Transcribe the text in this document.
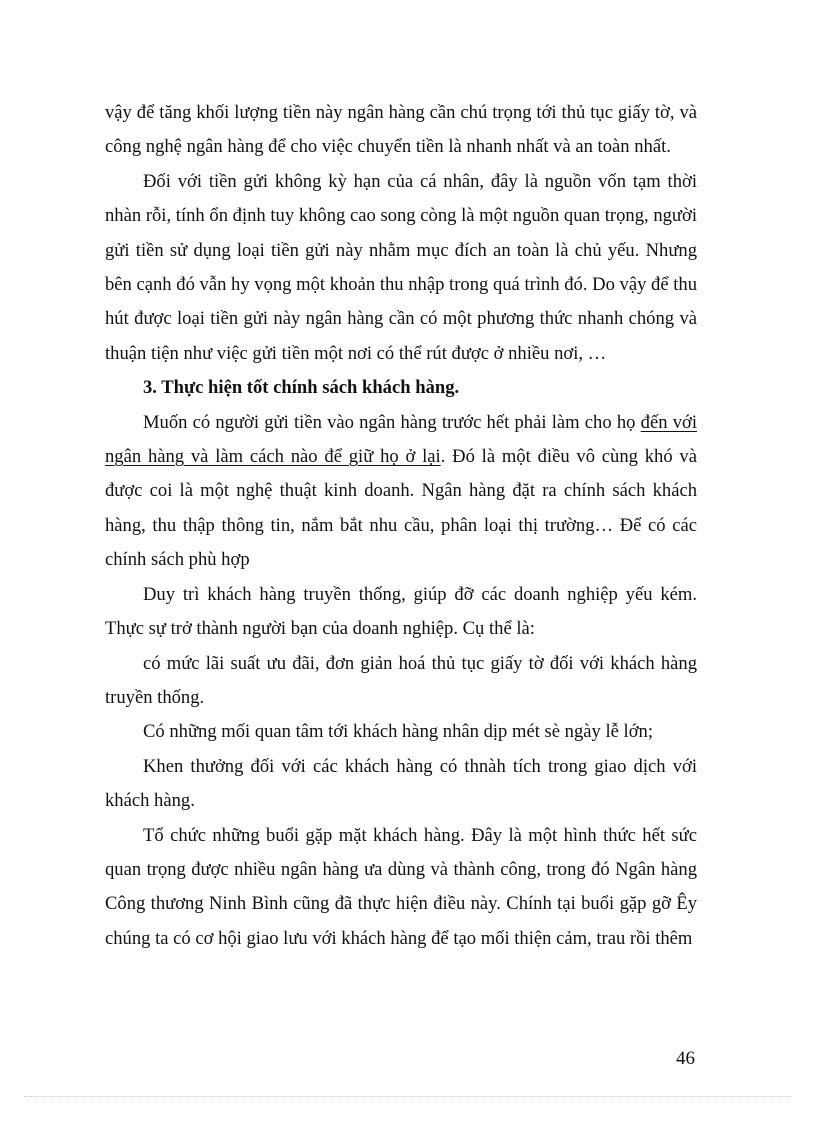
vậy để tăng khối lượng tiền này ngân hàng cần chú trọng tới thủ tục giấy tờ, và công nghệ ngân hàng để cho việc chuyển tiền là nhanh nhất và an toàn nhất.

Đối với tiền gửi không kỳ hạn của cá nhân, đây là nguồn vốn tạm thời nhàn rỗi, tính ổn định tuy không cao song còng là một nguồn quan trọng, người gửi tiền sử dụng loại tiền gửi này nhằm mục đích an toàn là chủ yếu. Nhưng bên cạnh đó vẫn hy vọng một khoản thu nhập trong quá trình đó. Do vậy để thu hút được loại tiền gửi này ngân hàng cần có một phương thức nhanh chóng và thuận tiện như việc gửi tiền một nơi có thể rút được ở nhiều nơi, …

3. Thực hiện tốt chính sách khách hàng.

Muốn có người gửi tiền vào ngân hàng trước hết phải làm cho họ đến với ngân hàng và làm cách nào để giữ họ ở lại. Đó là một điều vô cùng khó và được coi là một nghệ thuật kinh doanh. Ngân hàng đặt ra chính sách khách hàng, thu thập thông tin, nắm bắt nhu cầu, phân loại thị trường… Để có các chính sách phù hợp

Duy trì khách hàng truyền thống, giúp đỡ các doanh nghiệp yếu kém. Thực sự trở thành người bạn của doanh nghiệp. Cụ thể là:

có mức lãi suất ưu đãi, đơn giản hoá thủ tục giấy tờ đối với khách hàng truyền thống.

Có những mối quan tâm tới khách hàng nhân dịp mét sè ngày lễ lớn;

Khen thưởng đối với các khách hàng có thnàh tích trong giao dịch với khách hàng.

Tổ chức những buổi gặp mặt khách hàng. Đây là một hình thức hết sức quan trọng được nhiều ngân hàng ưa dùng và thành công, trong đó Ngân hàng Công thương Ninh Bình cũng đã thực hiện điều này. Chính tại buổi gặp gỡ Êy chúng ta có cơ hội giao lưu với khách hàng để tạo mối thiện cảm, trau rồi thêm

46
